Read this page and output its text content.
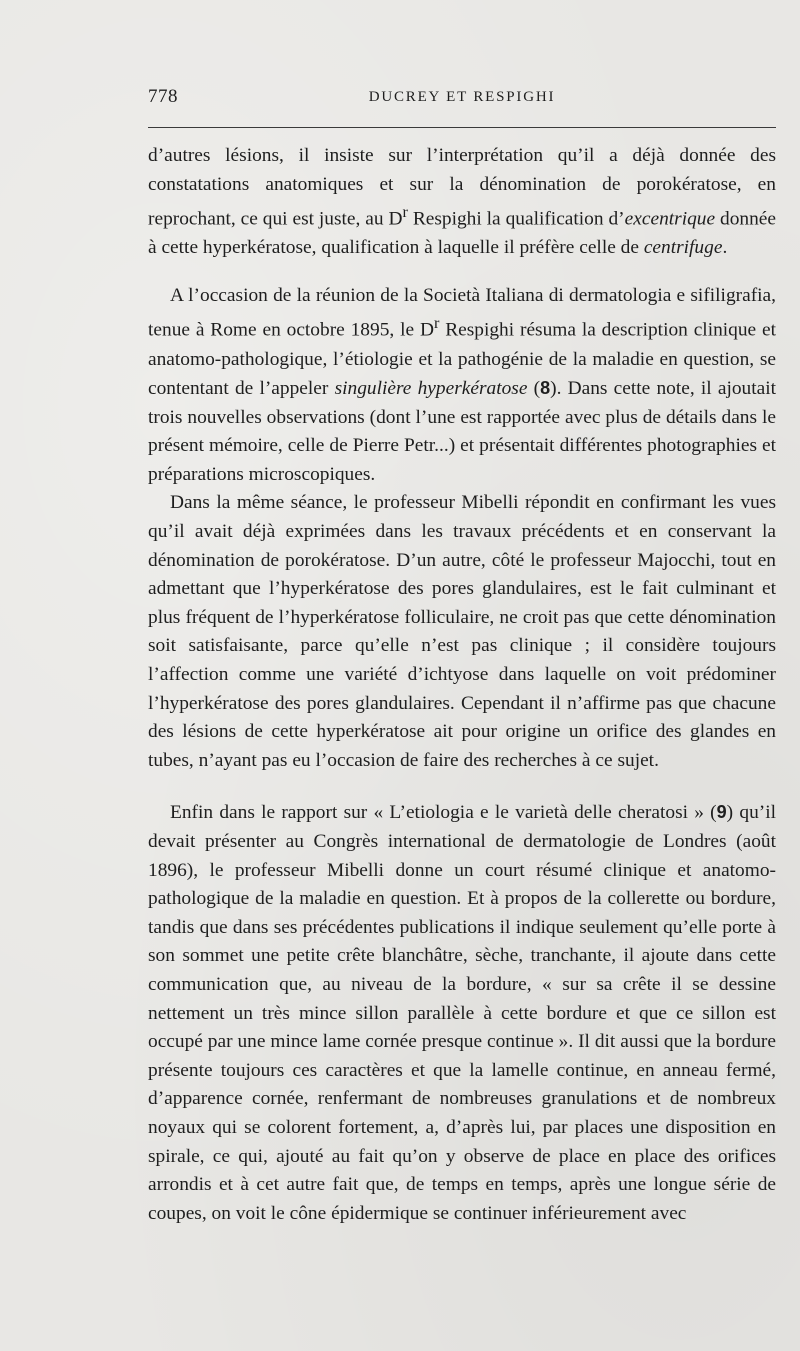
778	DUCREY ET RESPIGHI

d’autres lésions, il insiste sur l’interprétation qu’il a déjà donnée des constatations anatomiques et sur la dénomination de porokératose, en reprochant, ce qui est juste, au $D^r$ Respighi la qualification d’excentrique donnée à cette hyperkératose, qualification à laquelle il préfère celle de centrifuge.

A l’occasion de la réunion de la Società Italiana di dermatologia e sifiligrafia, tenue à Rome en octobre 1895, le $D^r$ Respighi résuma la description clinique et anatomo-pathologique, l’étiologie et la pathogénie de la maladie en question, se contentant de l’appeler singulière hyperkératose (8). Dans cette note, il ajoutait trois nouvelles observations (dont l’une est rapportée avec plus de détails dans le présent mémoire, celle de Pierre Petr...) et présentait différentes photographies et préparations microscopiques.

Dans la même séance, le professeur Mibelli répondit en confirmant les vues qu’il avait déjà exprimées dans les travaux précédents et en conservant la dénomination de porokératose. D’un autre, côté le professeur Majocchi, tout en admettant que l’hyperkératose des pores glandulaires, est le fait culminant et plus fréquent de l’hyperkératose folliculaire, ne croit pas que cette dénomination soit satisfaisante, parce qu’elle n’est pas clinique ; il considère toujours l’affection comme une variété d’ichtyose dans laquelle on voit prédominer l’hyperkératose des pores glandulaires. Cependant il n’affirme pas que chacune des lésions de cette hyperkératose ait pour origine un orifice des glandes en tubes, n’ayant pas eu l’occasion de faire des recherches à ce sujet.

Enfin dans le rapport sur « L’etiologia e le varietà delle cheratosi » (9) qu’il devait présenter au Congrès international de dermatologie de Londres (août 1896), le professeur Mibelli donne un court résumé clinique et anatomo-pathologique de la maladie en question. Et à propos de la collerette ou bordure, tandis que dans ses précédentes publications il indique seulement qu’elle porte à son sommet une petite crête blanchâtre, sèche, tranchante, il ajoute dans cette communication que, au niveau de la bordure, « sur sa crête il se dessine nettement un très mince sillon parallèle à cette bordure et que ce sillon est occupé par une mince lame cornée presque continue ». Il dit aussi que la bordure présente toujours ces caractères et que la lamelle continue, en anneau fermé, d’apparence cornée, renfermant de nombreuses granulations et de nombreux noyaux qui se colorent fortement, a, d’après lui, par places une disposition en spirale, ce qui, ajouté au fait qu’on y observe de place en place des orifices arrondis et à cet autre fait que, de temps en temps, après une longue série de coupes, on voit le cône épidermique se continuer inférieurement avec
